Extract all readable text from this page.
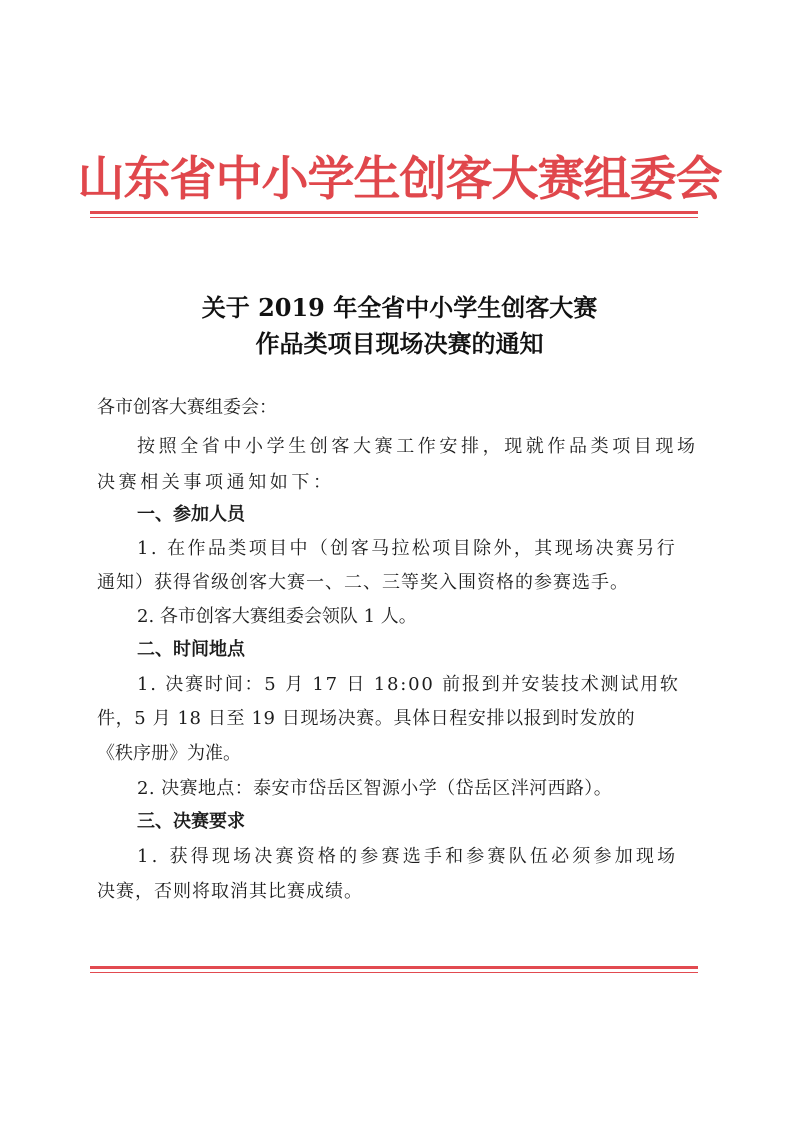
山东省中小学生创客大赛组委会
关于 2019 年全省中小学生创客大赛
作品类项目现场决赛的通知
各市创客大赛组委会：
按照全省中小学生创客大赛工作安排，现就作品类项目现场
决赛相关事项通知如下：
一、参加人员
1. 在作品类项目中（创客马拉松项目除外，其现场决赛另行
通知）获得省级创客大赛一、二、三等奖入围资格的参赛选手。
2. 各市创客大赛组委会领队 1 人。
二、时间地点
1. 决赛时间：5 月 17 日 18:00 前报到并安装技术测试用软
件，5 月 18 日至 19 日现场决赛。具体日程安排以报到时发放的
《秩序册》为准。
2. 决赛地点：泰安市岱岳区智源小学（岱岳区泮河西路）。
三、决赛要求
1. 获得现场决赛资格的参赛选手和参赛队伍必须参加现场
决赛，否则将取消其比赛成绩。
